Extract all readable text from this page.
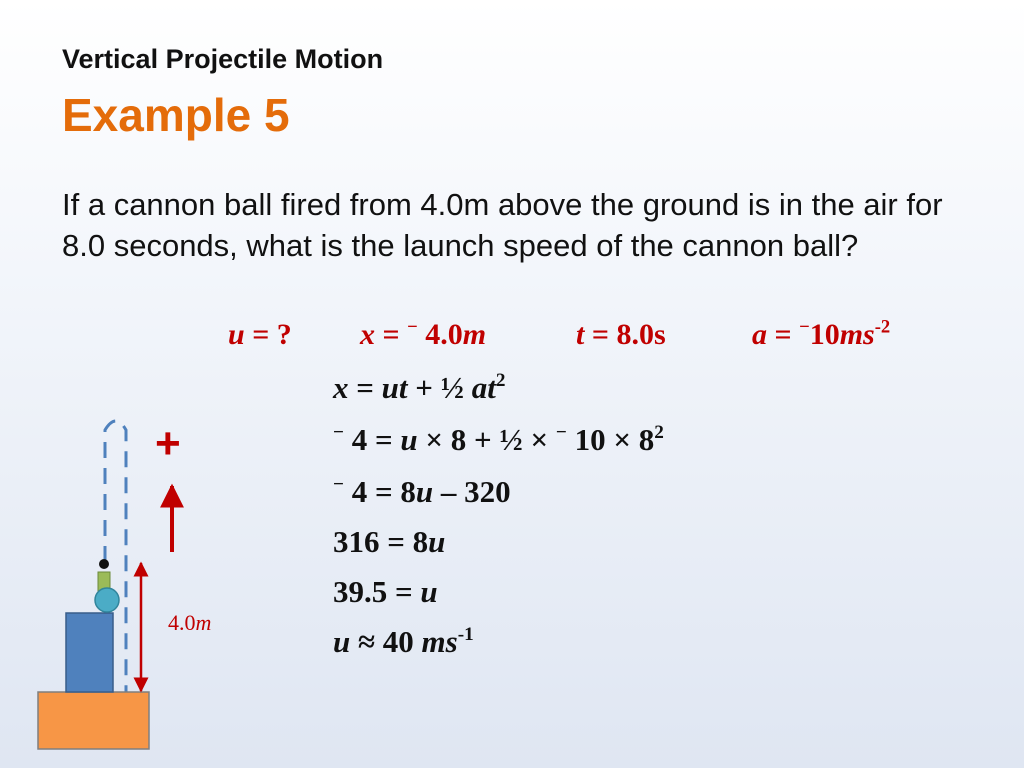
Vertical Projectile Motion
Example 5
If a cannon ball fired from 4.0m above the ground is in the air for 8.0 seconds, what is the launch speed of the cannon ball?
u = ? x = − 4.0m	t = 8.0s	$a = ^-10ms^{-2}$
x = ut + ½ $at^2$
− 4 = u × 8 + ½ × − $10 \times 8^2$
− 4 = 8u – 320
316 = 8u
39.5 = u
u ≈ 40 $ms^{-1}$
+
4.0m
